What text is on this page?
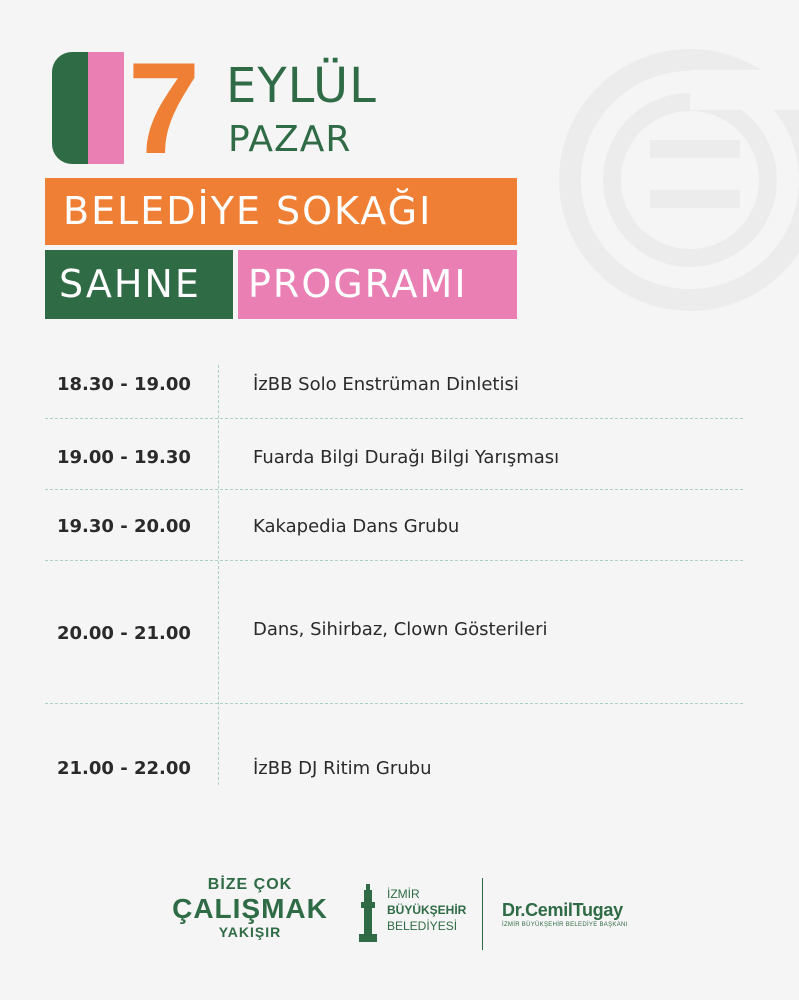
7 EYLÜL
PAZAR
BELEDİYE SOKAĞI
SAHNE	PROGRAMI
18.30 - 19.00	İzBB Solo Enstrüman Dinletisi
19.00 - 19.30	Fuarda Bilgi Durağı Bilgi Yarışması
19.30 - 20.00	Kakapedia Dans Grubu
20.00 - 21.00	Dans, Sihirbaz, Clown Gösterileri
21.00 - 22.00	İzBB DJ Ritim Grubu
BİZE ÇOK
ÇALIŞMAK
YAKIŞIR
İZMİR
BÜYÜKŞEHİR
BELEDİYESİ
Dr.CemilTugay
İZMİR BÜYÜKŞEHİR BELEDİYE BAŞKANI
